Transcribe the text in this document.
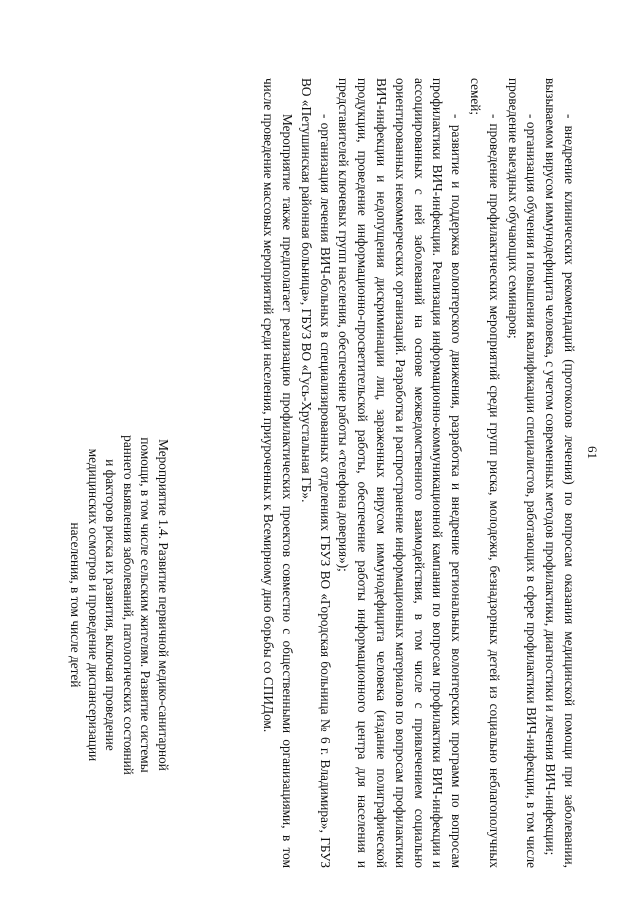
61

- внедрение клинических рекомендаций (протоколов лечения) по вопросам оказания медицинской помощи при заболевании, вызываемом вирусом иммунодефицита человека, с учетом современных методов профилактики, диагностики и лечения ВИЧ-инфекции;

- организация обучения и повышения квалификации специалистов, работающих в сфере профилактики ВИЧ-инфекции, в том числе проведение выездных обучающих семинаров;

- проведение профилактических мероприятий среди групп риска, молодежи, безнадзорных детей из социально неблагополучных семей;

- развитие и поддержка волонтерского движения, разработка и внедрение региональных волонтерских программ по вопросам профилактики ВИЧ-инфекции. Реализация информационно-коммуникационной кампании по вопросам профилактики ВИЧ-инфекции и ассоциированных с ней заболеваний на основе межведомственного взаимодействия, в том числе с привлечением социально ориентированных некоммерческих организаций. Разработка и распространение информационных материалов по вопросам профилактики ВИЧ-инфекции и недопущения дискриминации лиц, зараженных вирусом иммунодефицита человека (издание полиграфической продукции, проведение информационно-просветительской работы, обеспечение работы информационного центра для населения и представителей ключевых групп населения, обеспечение работы «телефона доверия»);

- организация лечения ВИЧ-больных в специализированных отделениях ГБУЗ ВО «Городская больница № 6 г. Владимира», ГБУЗ ВО «Петушинская районная больница», ГБУЗ ВО «Гусь-Хрустальная ГБ».

Мероприятие также предполагает реализацию профилактических проектов совместно с общественными организациями, в том числе проведение массовых мероприятий среди населения, приуроченных к Всемирному дню борьбы со СПИДом.

Мероприятие 1.4. Развитие первичной медико-санитарной
помощи, в том числе сельским жителям. Развитие системы
раннего выявления заболеваний, патологических состояний
и факторов риска их развития, включая проведение
медицинских осмотров и проведение диспансеризации
населения, в том числе детей
